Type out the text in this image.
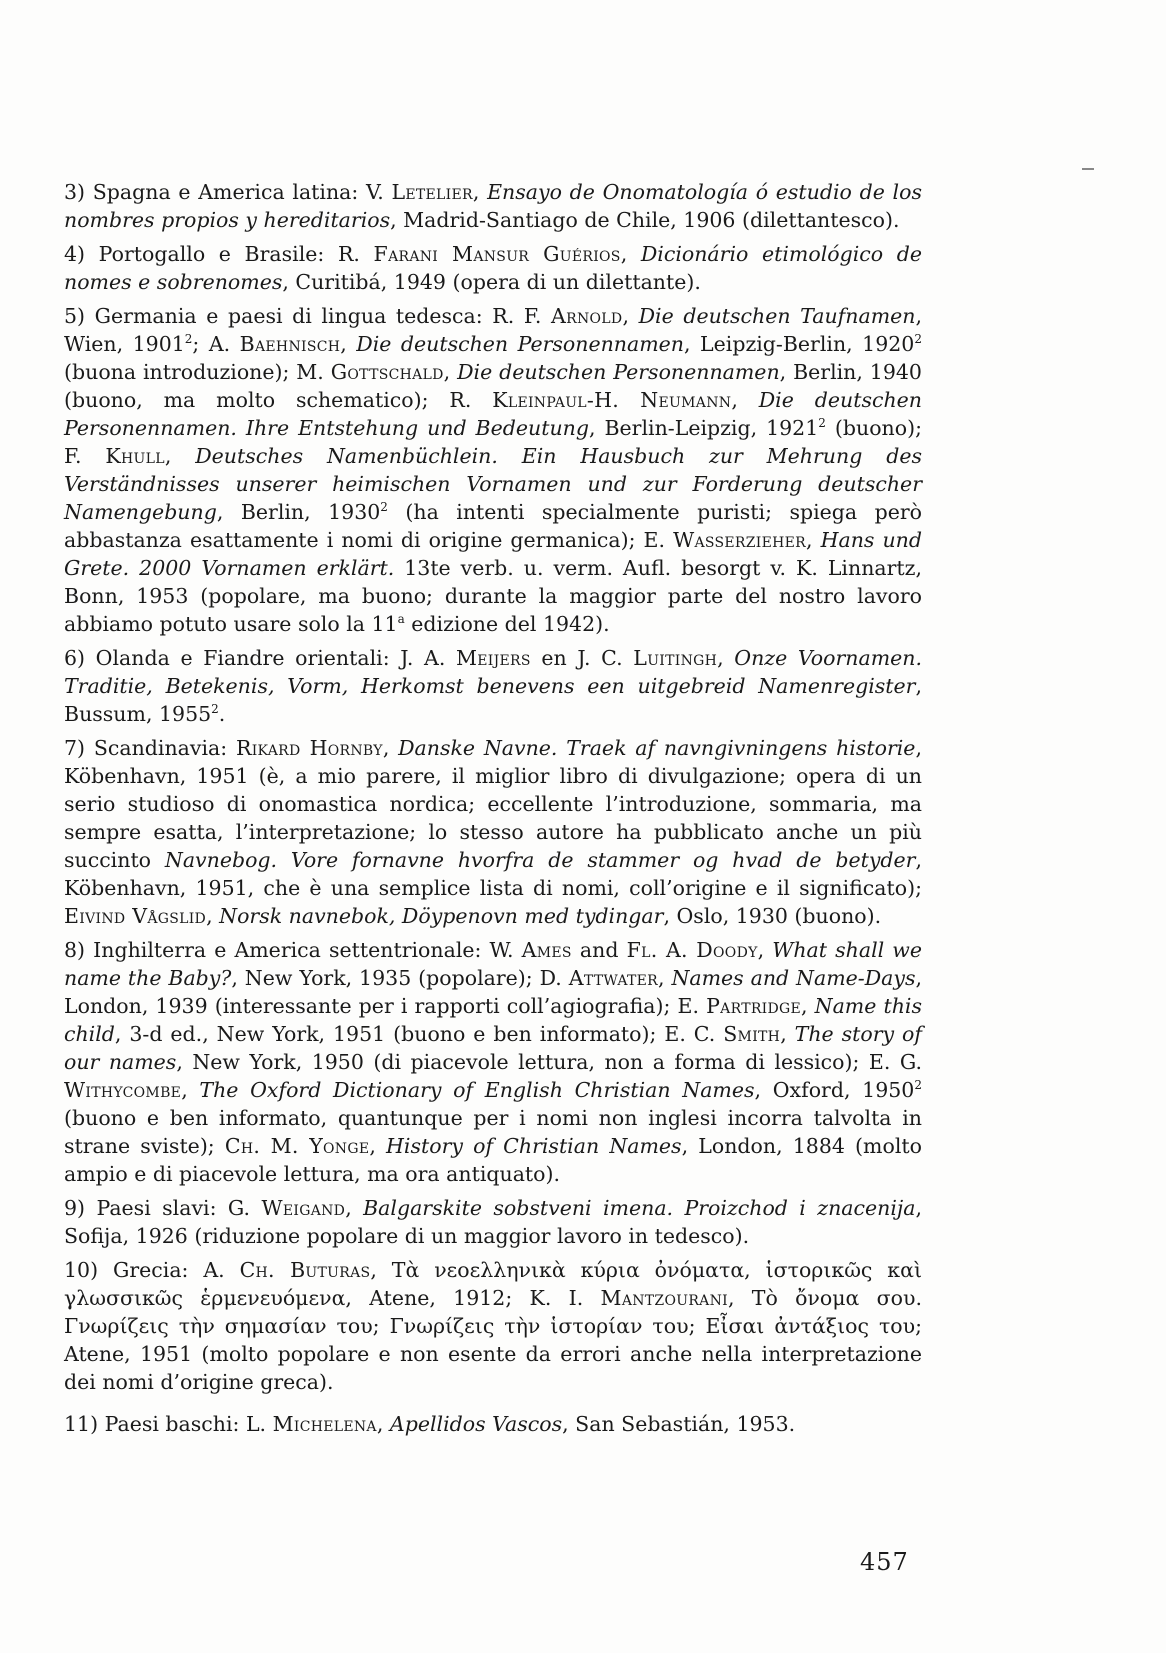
3) Spagna e America latina: V. Letelier, Ensayo de Onomatología ó estudio de los nombres propios y hereditarios, Madrid-Santiago de Chile, 1906 (dilettantesco).

4) Portogallo e Brasile: R. Farani Mansur Guérios, Dicionário etimológico de nomes e sobrenomes, Curitibá, 1949 (opera di un dilettante).

5) Germania e paesi di lingua tedesca: R. F. Arnold, Die deutschen Taufnamen, Wien, 1901$^2$; A. Baehnisch, Die deutschen Personennamen, Leipzig-Berlin, 1920$^2$ (buona introduzione); M. Gottschald, Die deutschen Personennamen, Berlin, 1940 (buono, ma molto schematico); R. Kleinpaul-H. Neumann, Die deutschen Personennamen. Ihre Entstehung und Bedeutung, Berlin-Leipzig, 1921$^2$ (buono); F. Khull, Deutsches Namenbüchlein. Ein Hausbuch zur Mehrung des Verständnisses unserer heimischen Vornamen und zur Forderung deutscher Namengebung, Berlin, 1930$^2$ (ha intenti specialmente puristi; spiega però abbastanza esattamente i nomi di origine germanica); E. Wasserzieher, Hans und Grete. 2000 Vornamen erklärt. 13te verb. u. verm. Aufl. besorgt v. K. Linnartz, Bonn, 1953 (popolare, ma buono; durante la maggior parte del nostro lavoro abbiamo potuto usare solo la 11$^a$ edizione del 1942).

6) Olanda e Fiandre orientali: J. A. Meijers en J. C. Luitingh, Onze Voornamen. Traditie, Betekenis, Vorm, Herkomst benevens een uitgebreid Namenregister, Bussum, 1955$^2$.

7) Scandinavia: Rikard Hornby, Danske Navne. Traek af navngivningens historie, Köbenhavn, 1951 (è, a mio parere, il miglior libro di divulgazione; opera di un serio studioso di onomastica nordica; eccellente l’introduzione, sommaria, ma sempre esatta, l’interpretazione; lo stesso autore ha pubblicato anche un più succinto Navnebog. Vore fornavne hvorfra de stammer og hvad de betyder, Köbenhavn, 1951, che è una semplice lista di nomi, coll’origine e il significato); Eivind Vågslid, Norsk navnebok, Döypenovn med tydingar, Oslo, 1930 (buono).

8) Inghilterra e America settentrionale: W. Ames and Fl. A. Doody, What shall we name the Baby?, New York, 1935 (popolare); D. Attwater, Names and Name-Days, London, 1939 (interessante per i rapporti coll’agiografia); E. Partridge, Name this child, 3-d ed., New York, 1951 (buono e ben informato); E. C. Smith, The story of our names, New York, 1950 (di piacevole lettura, non a forma di lessico); E. G. Withycombe, The Oxford Dictionary of English Christian Names, Oxford, 1950$^2$ (buono e ben informato, quantunque per i nomi non inglesi incorra talvolta in strane sviste); Ch. M. Yonge, History of Christian Names, London, 1884 (molto ampio e di piacevole lettura, ma ora antiquato).

9) Paesi slavi: G. Weigand, Balgarskite sobstveni imena. Proizchod i znacenija, Sofija, 1926 (riduzione popolare di un maggior lavoro in tedesco).

10) Grecia: A. Ch. Buturas, Τὰ νεοελληνικὰ κύρια ὀνόματα, ἱστορικῶς καὶ γλωσσικῶς ἑρμενευόμενα, Atene, 1912; K. I. Mantzourani, Τὸ ὄνομα σου. Γνωρίζεις τὴν σημασίαν του; Γνωρίζεις τὴν ἱστορίαν του; Εἶσαι ἀντάξιος του; Atene, 1951 (molto popolare e non esente da errori anche nella interpretazione dei nomi d’origine greca).

11) Paesi baschi: L. Michelena, Apellidos Vascos, San Sebastián, 1953.

457
